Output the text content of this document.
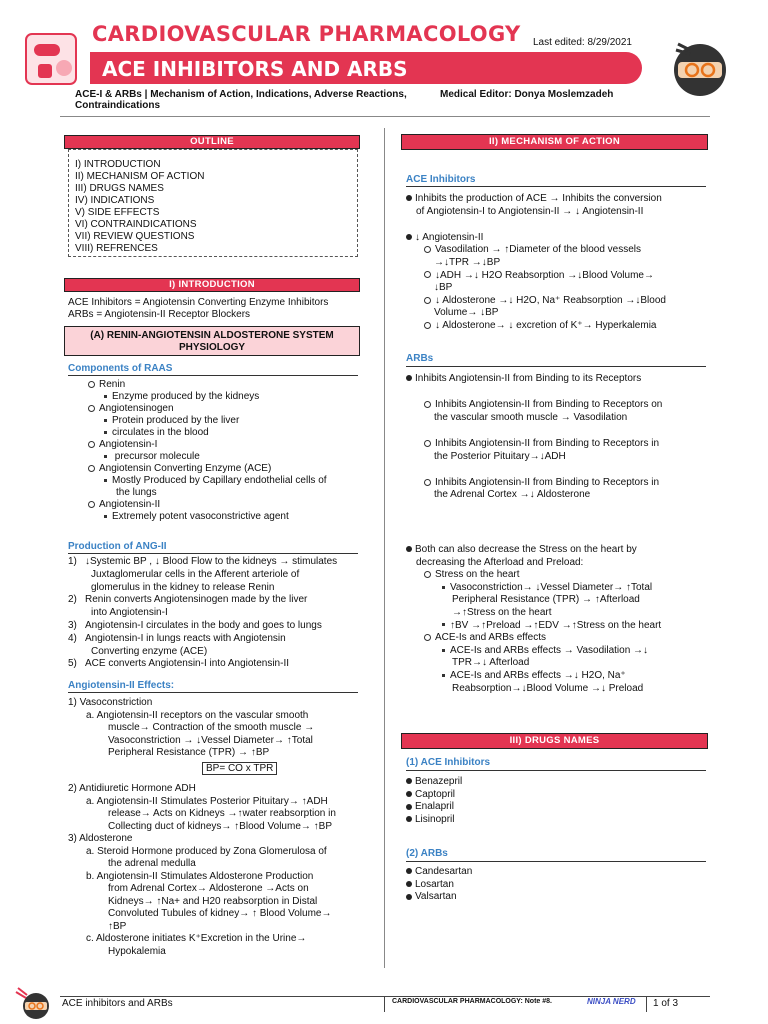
CARDIOVASCULAR PHARMACOLOGY Last edited: 8/29/2021
ACE INHIBITORS AND ARBS
ACE-I & ARBs | Mechanism of Action, Indications, Adverse Reactions, Contraindications
Medical Editor: Donya Moslemzadeh
OUTLINE
I) INTRODUCTION
II) MECHANISM OF ACTION
III) DRUGS NAMES
IV) INDICATIONS
V) SIDE EFFECTS
VI) CONTRAINDICATIONS
VII) REVIEW QUESTIONS
VIII) REFRENCES
I) INTRODUCTION
ACE Inhibitors = Angiotensin Converting Enzyme Inhibitors
ARBs = Angiotensin-II Receptor Blockers
(A) RENIN-ANGIOTENSIN ALDOSTERONE SYSTEM PHYSIOLOGY
Components of RAAS
Renin
Enzyme produced by the kidneys
Angiotensinogen
Protein produced by the liver
circulates in the blood
Angiotensin-I
precursor molecule
Angiotensin Converting Enzyme (ACE)
Mostly Produced by Capillary endothelial cells of
the lungs
Angiotensin-II
Extremely potent vasoconstrictive agent
Production of ANG-II
1) ↓Systemic BP , ↓ Blood Flow to the kidneys → stimulates
Juxtaglomerular cells in the Afferent arteriole of
glomerulus in the kidney to release Renin
2) Renin converts Angiotensinogen made by the liver
into Angiotensin-I
3) Angiotensin-I circulates in the body and goes to lungs
4) Angiotensin-I in lungs reacts with Angiotensin
Converting enzyme (ACE)
5) ACE converts Angiotensin-I into Angiotensin-II
Angiotensin-II Effects:
1) Vasoconstriction
a. Angiotensin-II receptors on the vascular smooth
muscle→ Contraction of the smooth muscle →
Vasoconstriction → ↓Vessel Diameter→ ↑Total
Peripheral Resistance (TPR) → ↑BP
BP= CO x TPR
2) Antidiuretic Hormone ADH
a. Angiotensin-II Stimulates Posterior Pituitary→ ↑ADH
release→ Acts on Kidneys →↑water reabsorption in
Collecting duct of kidneys→ ↑Blood Volume→ ↑BP
3) Aldosterone
a. Steroid Hormone produced by Zona Glomerulosa of
the adrenal medulla
b. Angiotensin-II Stimulates Aldosterone Production
from Adrenal Cortex→ Aldosterone →Acts on
Kidneys→ ↑Na+ and H20 reabsorption in Distal
Convoluted Tubules of kidney→ ↑ Blood Volume→
↑BP
c. Aldosterone initiates K⁺Excretion in the Urine→
Hypokalemia
II) MECHANISM OF ACTION
ACE Inhibitors
Inhibits the production of ACE → Inhibits the conversion
of Angiotensin-I to Angiotensin-II → ↓ Angiotensin-II
↓ Angiotensin-II
Vasodilation → ↑Diameter of the blood vessels
→↓TPR →↓BP
↓ADH →↓ H2O Reabsorption →↓Blood Volume→
↓BP
↓ Aldosterone →↓ H2O, Na⁺ Reabsorption →↓Blood
Volume→ ↓BP
↓ Aldosterone→ ↓ excretion of K⁺→ Hyperkalemia
ARBs
Inhibits Angiotensin-II from Binding to its Receptors
Inhibits Angiotensin-II from Binding to Receptors on
the vascular smooth muscle → Vasodilation
Inhibits Angiotensin-II from Binding to Receptors in
the Posterior Pituitary→↓ADH
Inhibits Angiotensin-II from Binding to Receptors in
the Adrenal Cortex →↓ Aldosterone
Both can also decrease the Stress on the heart by
decreasing the Afterload and Preload:
Stress on the heart
Vasoconstriction→ ↓Vessel Diameter→ ↑Total
Peripheral Resistance (TPR) → ↑Afterload
→↑Stress on the heart
↑BV →↑Preload →↑EDV →↑Stress on the heart
ACE-Is and ARBs effects
ACE-Is and ARBs effects → Vasodilation →↓
TPR→↓ Afterload
ACE-Is and ARBs effects →↓ H2O, Na⁺
Reabsorption→↓Blood Volume →↓ Preload
III) DRUGS NAMES
(1) ACE Inhibitors
Benazepril
Captopril
Enalapril
Lisinopril
(2) ARBs
Candesartan
Losartan
Valsartan
ACE inhibitors and ARBs	CARDIOVASCULAR PHARMACOLOGY: Note #8.	NINJA NERD 1 of 3
